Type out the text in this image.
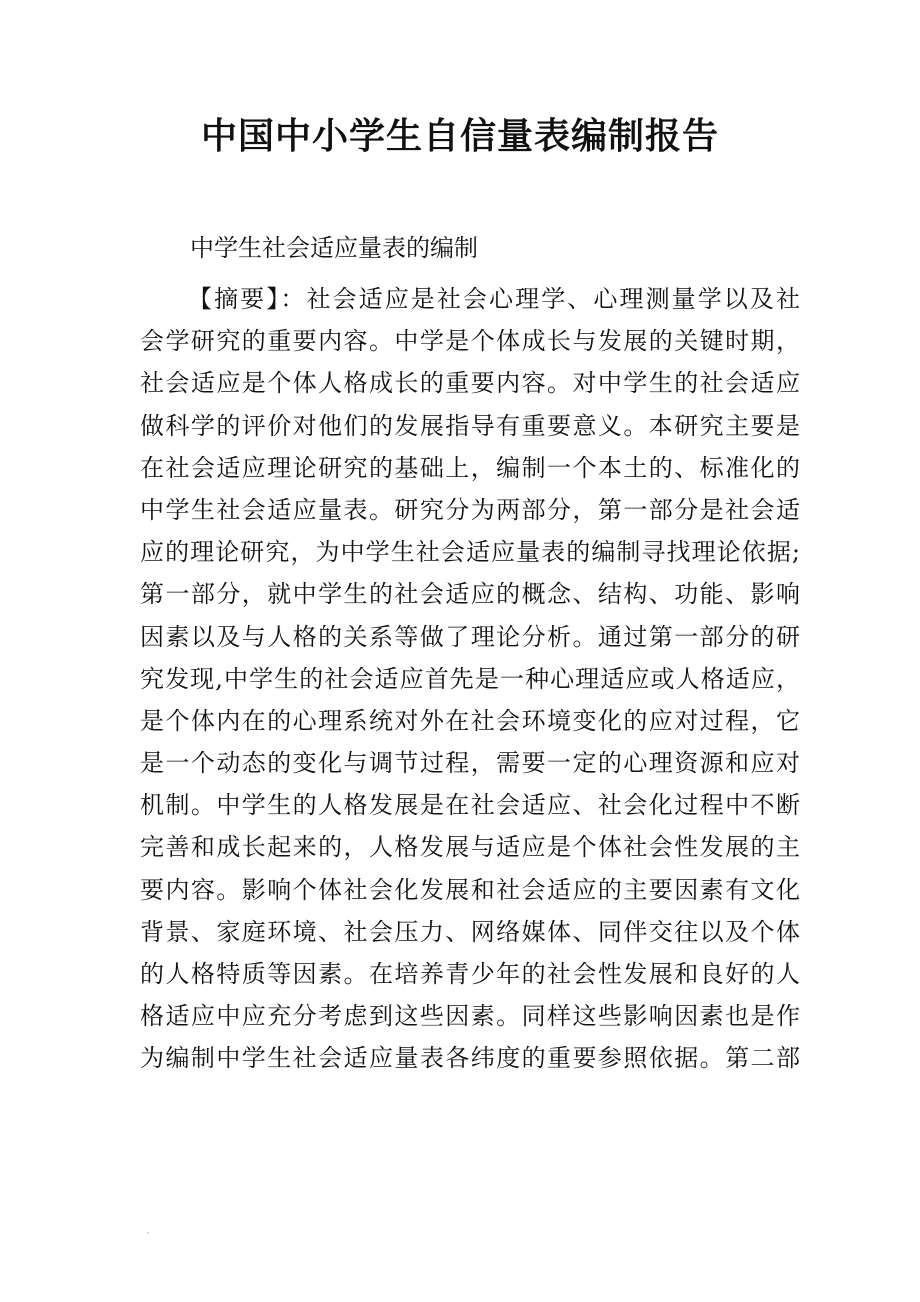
中国中小学生自信量表编制报告

中学生社会适应量表的编制

【摘要】：社会适应是社会心理学、心理测量学以及社
会学研究的重要内容。中学是个体成长与发展的关键时期，
社会适应是个体人格成长的重要内容。对中学生的社会适应
做科学的评价对他们的发展指导有重要意义。本研究主要是
在社会适应理论研究的基础上，编制一个本土的、标准化的
中学生社会适应量表。研究分为两部分，第一部分是社会适
应的理论研究，为中学生社会适应量表的编制寻找理论依据;
第一部分，就中学生的社会适应的概念、结构、功能、影响
因素以及与人格的关系等做了理论分析。通过第一部分的研
究发现,中学生的社会适应首先是一种心理适应或人格适应，
是个体内在的心理系统对外在社会环境变化的应对过程，它
是一个动态的变化与调节过程，需要一定的心理资源和应对
机制。中学生的人格发展是在社会适应、社会化过程中不断
完善和成长起来的，人格发展与适应是个体社会性发展的主
要内容。影响个体社会化发展和社会适应的主要因素有文化
背景、家庭环境、社会压力、网络媒体、同伴交往以及个体
的人格特质等因素。在培养青少年的社会性发展和良好的人
格适应中应充分考虑到这些因素。同样这些影响因素也是作
为编制中学生社会适应量表各纬度的重要参照依据。第二部
